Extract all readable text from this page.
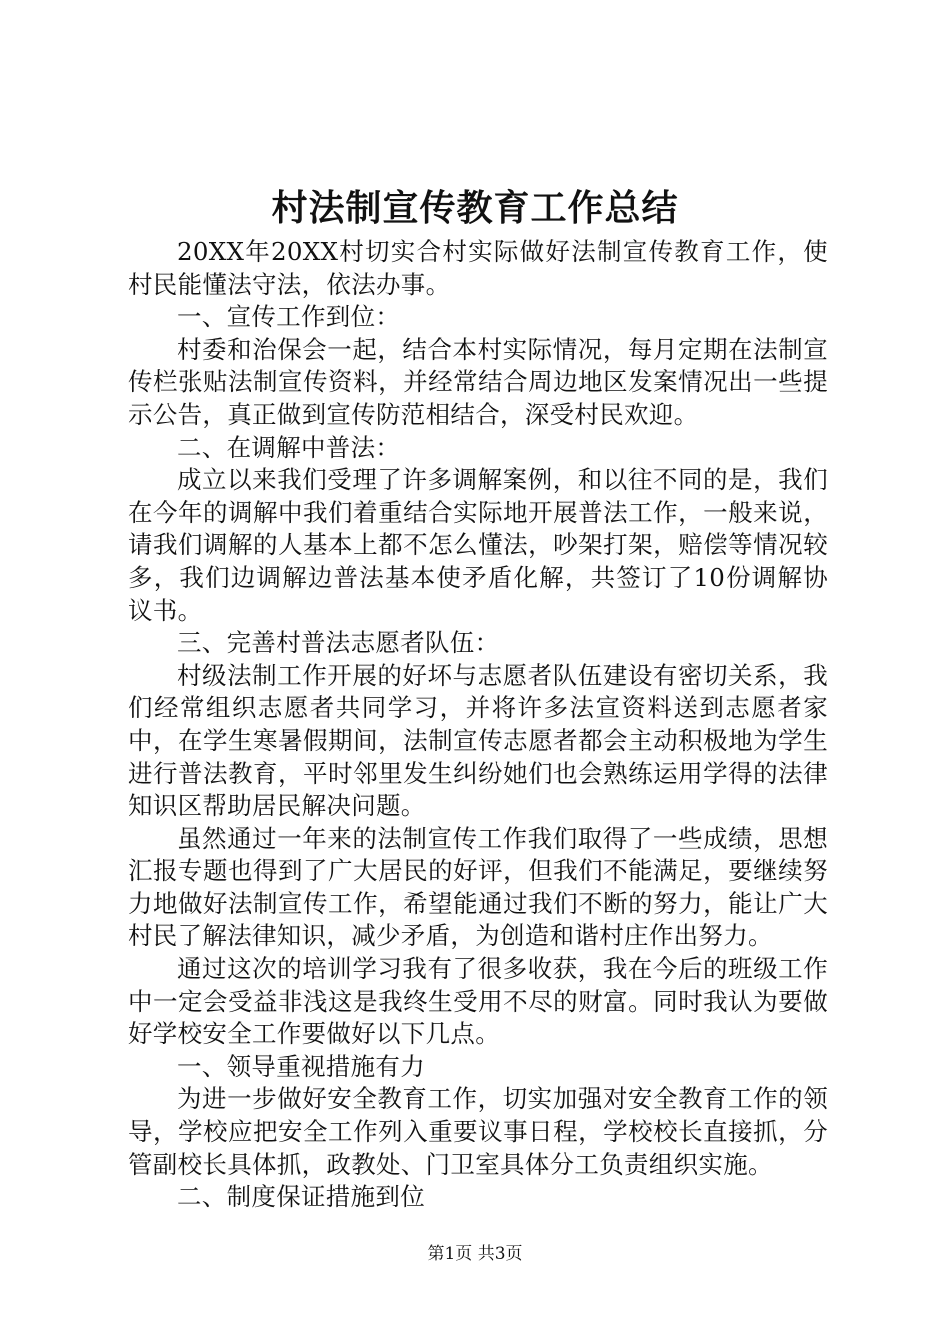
村法制宣传教育工作总结

20XX年20XX村切实合村实际做好法制宣传教育工作，使村民能懂法守法，依法办事。

一、宣传工作到位：

村委和治保会一起，结合本村实际情况，每月定期在法制宣传栏张贴法制宣传资料，并经常结合周边地区发案情况出一些提示公告，真正做到宣传防范相结合，深受村民欢迎。

二、在调解中普法：

成立以来我们受理了许多调解案例，和以往不同的是，我们在今年的调解中我们着重结合实际地开展普法工作，一般来说，请我们调解的人基本上都不怎么懂法，吵架打架，赔偿等情况较多，我们边调解边普法基本使矛盾化解，共签订了10份调解协议书。

三、完善村普法志愿者队伍：

村级法制工作开展的好坏与志愿者队伍建设有密切关系，我们经常组织志愿者共同学习，并将许多法宣资料送到志愿者家中，在学生寒暑假期间，法制宣传志愿者都会主动积极地为学生进行普法教育，平时邻里发生纠纷她们也会熟练运用学得的法律知识区帮助居民解决问题。

虽然通过一年来的法制宣传工作我们取得了一些成绩，思想汇报专题也得到了广大居民的好评，但我们不能满足，要继续努力地做好法制宣传工作，希望能通过我们不断的努力，能让广大村民了解法律知识，减少矛盾，为创造和谐村庄作出努力。

通过这次的培训学习我有了很多收获，我在今后的班级工作中一定会受益非浅这是我终生受用不尽的财富。同时我认为要做好学校安全工作要做好以下几点。

一、领导重视措施有力

为进一步做好安全教育工作，切实加强对安全教育工作的领导，学校应把安全工作列入重要议事日程，学校校长直接抓，分管副校长具体抓，政教处、门卫室具体分工负责组织实施。

二、制度保证措施到位

第1页 共3页
